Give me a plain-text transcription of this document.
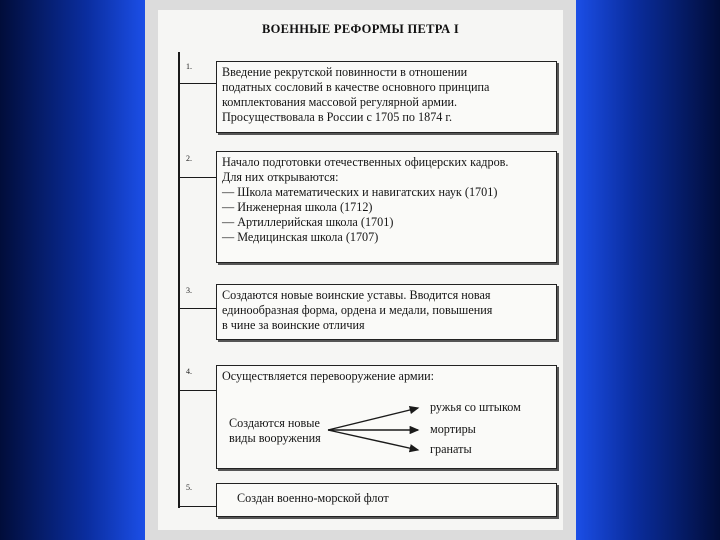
ВОЕННЫЕ РЕФОРМЫ ПЕТРА I
1. Введение рекрутской повинности в отношении

податных сословий в качестве основного принципа

комплектования массовой регулярной армии.

Просуществовала в России с 1705 по 1874 г.

2. Начало подготовки отечественных офицерских кадров.

Для них открываются:

— Школа математических и навигатских наук (1701)

— Инженерная школа (1712)

— Артиллерийская школа (1701)

— Медицинская школа (1707)

3. Создаются новые воинские уставы. Вводится новая

единообразная форма, ордена и медали, повышения

в чине за воинские отличия

4. Осуществляется перевооружение армии:

Создаются новые
виды вооружения
ружья со штыком
мортиры
гранаты
5.

Создан военно-морской флот
